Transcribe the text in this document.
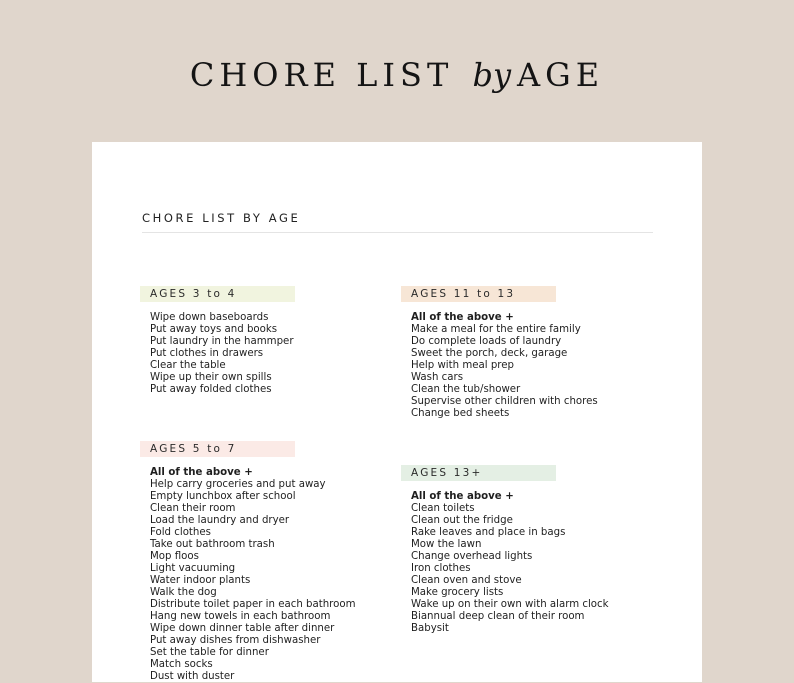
CHORE LIST by AGE
CHORE LIST BY AGE
AGES 3 to 4
Wipe down baseboards
Put away toys and books
Put laundry in the hammper
Put clothes in drawers
Clear the table
Wipe up their own spills
Put away folded clothes
AGES 5 to 7
All of the above +
Help carry groceries and put away
Empty lunchbox after school
Clean their room
Load the laundry and dryer
Fold clothes
Take out bathroom trash
Mop floos
Light vacuuming
Water indoor plants
Walk the dog
Distribute toilet paper in each bathroom
Hang new towels in each bathroom
Wipe down dinner table after dinner
Put away dishes from dishwasher
Set the table for dinner
Match socks
Dust with duster
AGES 11 to 13
All of the above +
Make a meal for the entire family
Do complete loads of laundry
Sweet the porch, deck, garage
Help with meal prep
Wash cars
Clean the tub/shower
Supervise other children with chores
Change bed sheets
AGES 13+
All of the above +
Clean toilets
Clean out the fridge
Rake leaves and place in bags
Mow the lawn
Change overhead lights
Iron clothes
Clean oven and stove
Make grocery lists
Wake up on their own with alarm clock
Biannual deep clean of their room
Babysit
